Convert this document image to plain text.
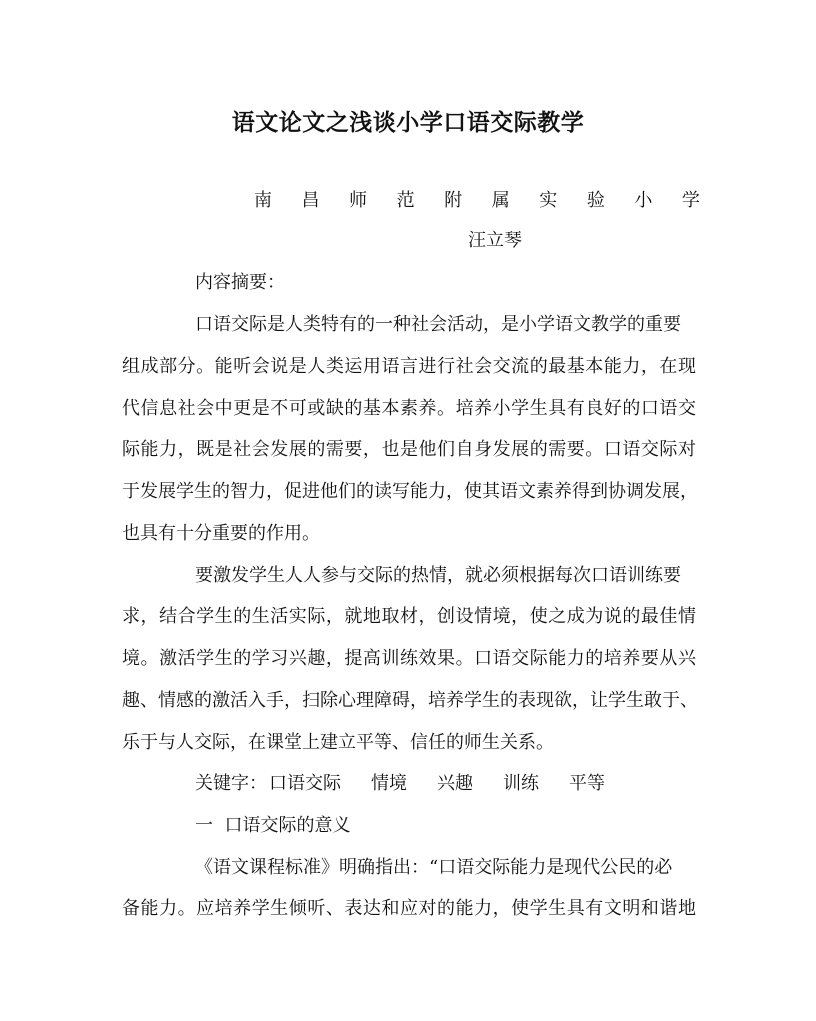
语文论文之浅谈小学口语交际教学
南 昌 师 范 附 属 实 验 小 学
汪立琴
内容摘要：
口语交际是人类特有的一种社会活动，是小学语文教学的重要
组 成 部 分 。 能 听 会 说 是 人 类 运 用 语 言 进 行 社 会 交 流 的 最 基 本 能 力 ， 在 现
代 信 息 社 会 中 更 是 不 可 或 缺 的 基 本 素 养 。 培 养 小 学 生 具 有 良 好 的 口 语 交
际 能 力 ， 既 是 社 会 发 展 的 需 要 ， 也 是 他 们 自 身 发 展 的 需 要 。 口 语 交 际 对
于 发 展 学 生 的 智 力 ， 促 进 他 们 的 读 写 能 力 ， 使 其 语 文 素 养 得 到 协 调 发 展 ，
也具有十分重要的作用。
要激发学生人人参与交际的热情，就必须根据每次口语训练要
求 ， 结 合 学 生 的 生 活 实 际 ， 就 地 取 材 ， 创 设 情 境 ， 使 之 成 为 说 的 最 佳 情
境 。 激 活 学 生 的 学 习 兴 趣 ， 提 高 训 练 效 果 。 口 语 交 际 能 力 的 培 养 要 从 兴
趣 、 情 感 的 激 活 入 手 ， 扫 除 心 理 障 碍 ， 培 养 学 生 的 表 现 欲 ， 让 学 生 敢 于 、
乐于与人交际，在课堂上建立平等、信任的师生关系。
关键字： 口语交际 情境 兴趣 训练 平等
一  口语交际的意义
《语文课程标准》明确指出：“口语交际能力是现代公民的必
备 能 力 。 应 培 养 学 生 倾 听 、 表 达 和 应 对 的 能 力 ， 使 学 生 具 有 文 明 和 谐 地
